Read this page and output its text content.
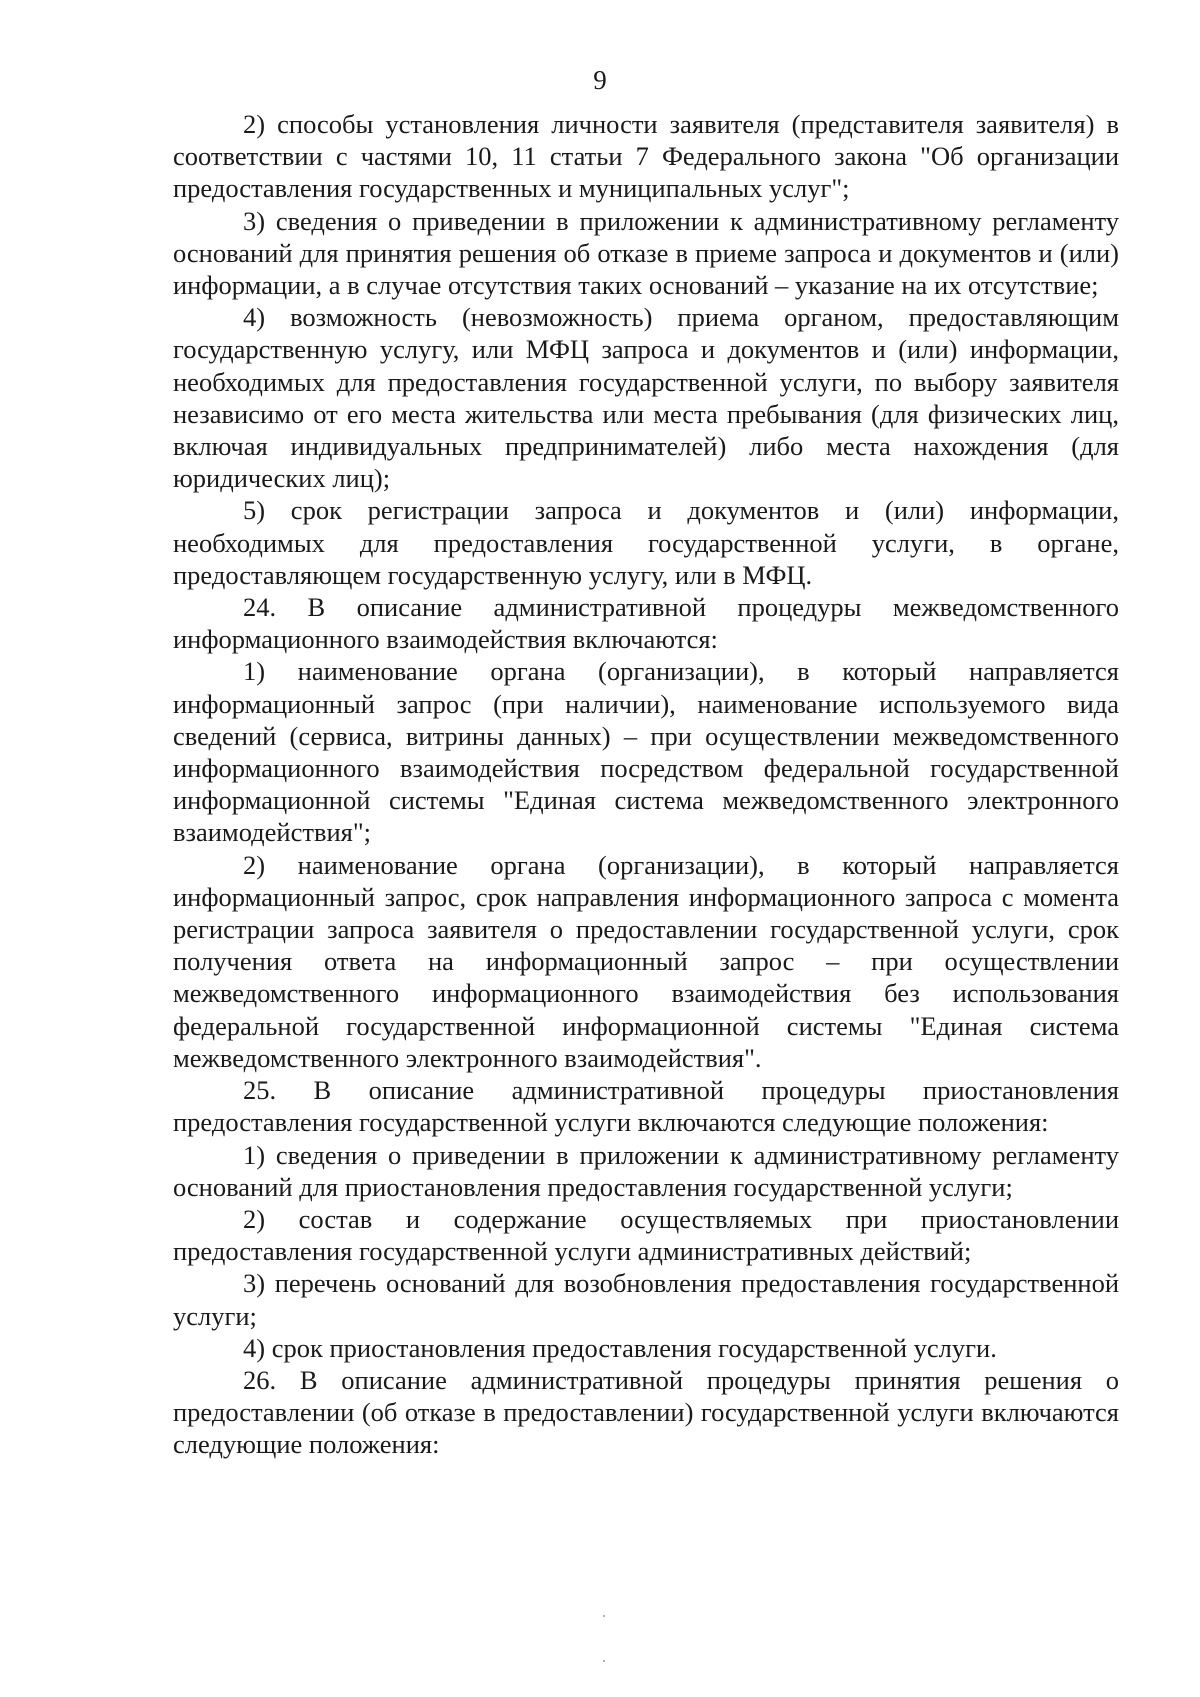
9

2) способы установления личности заявителя (представителя заявителя) в соответствии с частями 10, 11 статьи 7 Федерального закона "Об организации предоставления государственных и муниципальных услуг";

3) сведения о приведении в приложении к административному регламенту оснований для принятия решения об отказе в приеме запроса и документов и (или) информации, а в случае отсутствия таких оснований – указание на их отсутствие;

4) возможность (невозможность) приема органом, предоставляющим государственную услугу, или МФЦ запроса и документов и (или) информации, необходимых для предоставления государственной услуги, по выбору заявителя независимо от его места жительства или места пребывания (для физических лиц, включая индивидуальных предпринимателей) либо места нахождения (для юридических лиц);

5) срок регистрации запроса и документов и (или) информации, необходимых для предоставления государственной услуги, в органе, предоставляющем государственную услугу, или в МФЦ.

24. В описание административной процедуры межведомственного информационного взаимодействия включаются:

1) наименование органа (организации), в который направляется информационный запрос (при наличии), наименование используемого вида сведений (сервиса, витрины данных) – при осуществлении межведомственного информационного взаимодействия посредством федеральной государственной информационной системы "Единая система межведомственного электронного взаимодействия";

2) наименование органа (организации), в который направляется информационный запрос, срок направления информационного запроса с момента регистрации запроса заявителя о предоставлении государственной услуги, срок получения ответа на информационный запрос – при осуществлении межведомственного информационного взаимодействия без использования федеральной государственной информационной системы "Единая система межведомственного электронного взаимодействия".

25. В описание административной процедуры приостановления предоставления государственной услуги включаются следующие положения:

1) сведения о приведении в приложении к административному регламенту оснований для приостановления предоставления государственной услуги;

2) состав и содержание осуществляемых при приостановлении предоставления государственной услуги административных действий;

3) перечень оснований для возобновления предоставления государственной услуги;

4) срок приостановления предоставления государственной услуги.

26. В описание административной процедуры принятия решения о предоставлении (об отказе в предоставлении) государственной услуги включаются следующие положения:
